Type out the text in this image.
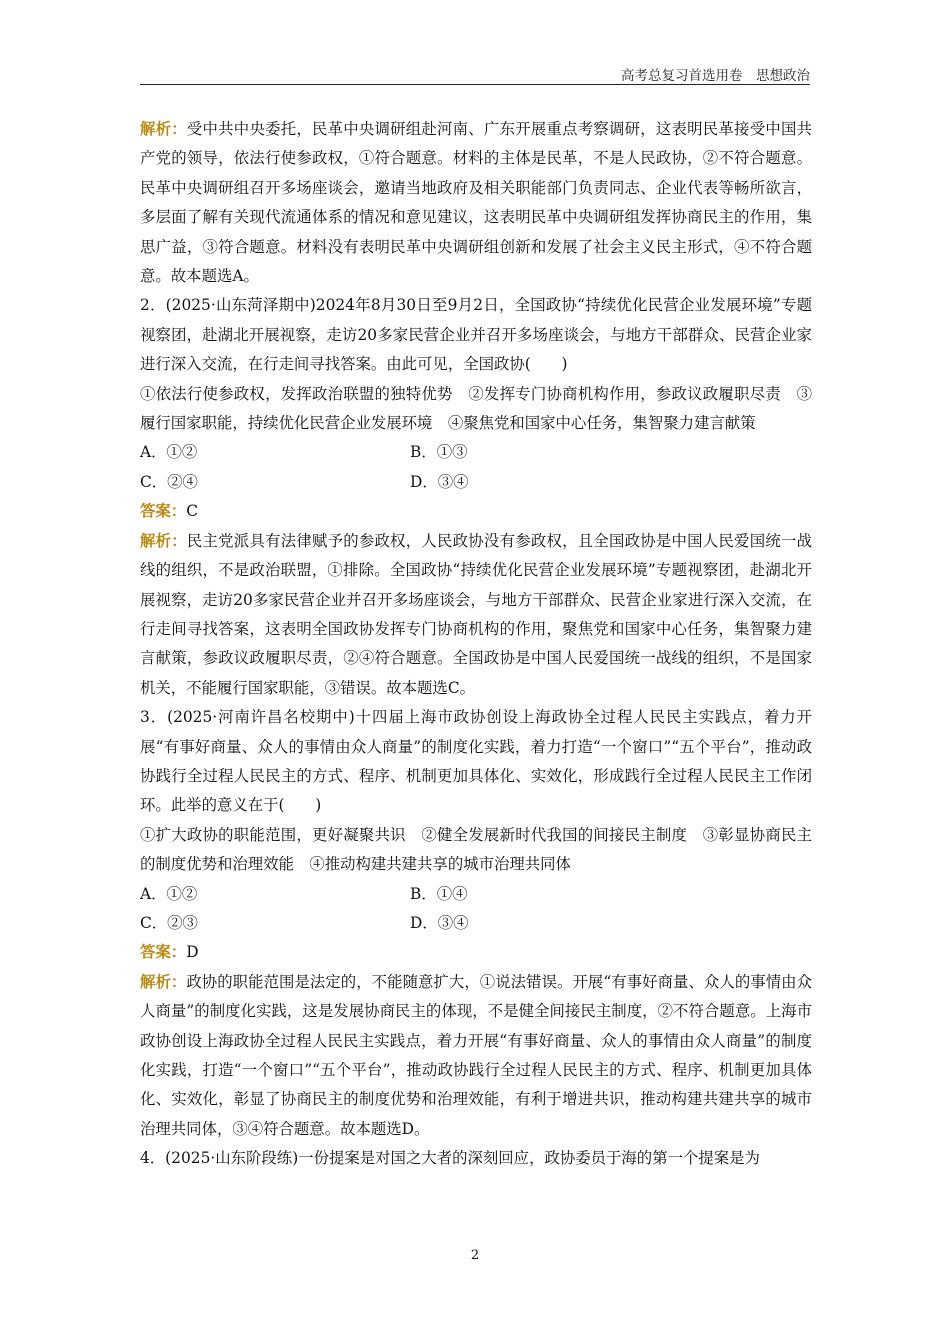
高考总复习首选用卷　思想政治

解析：受中共中央委托，民革中央调研组赴河南、广东开展重点考察调研，这表明民革接受中国共产党的领导，依法行使参政权，①符合题意。材料的主体是民革，不是人民政协，②不符合题意。民革中央调研组召开多场座谈会，邀请当地政府及相关职能部门负责同志、企业代表等畅所欲言，多层面了解有关现代流通体系的情况和意见建议，这表明民革中央调研组发挥协商民主的作用，集思广益，③符合题意。材料没有表明民革中央调研组创新和发展了社会主义民主形式，④不符合题意。故本题选A。

2．(2025·山东菏泽期中)2024年8月30日至9月2日，全国政协“持续优化民营企业发展环境”专题视察团，赴湖北开展视察，走访20多家民营企业并召开多场座谈会，与地方干部群众、民营企业家进行深入交流，在行走间寻找答案。由此可见，全国政协(　　)

①依法行使参政权，发挥政治联盟的独特优势　②发挥专门协商机构作用，参政议政履职尽责　③履行国家职能，持续优化民营企业发展环境　④聚焦党和国家中心任务，集智聚力建言献策

A．①②	B．①③
C．②④	D．③④

答案：C

解析：民主党派具有法律赋予的参政权，人民政协没有参政权，且全国政协是中国人民爱国统一战线的组织，不是政治联盟，①排除。全国政协“持续优化民营企业发展环境”专题视察团，赴湖北开展视察，走访20多家民营企业并召开多场座谈会，与地方干部群众、民营企业家进行深入交流，在行走间寻找答案，这表明全国政协发挥专门协商机构的作用，聚焦党和国家中心任务，集智聚力建言献策，参政议政履职尽责，②④符合题意。全国政协是中国人民爱国统一战线的组织，不是国家机关，不能履行国家职能，③错误。故本题选C。

3．(2025·河南许昌名校期中)十四届上海市政协创设上海政协全过程人民民主实践点，着力开展“有事好商量、众人的事情由众人商量”的制度化实践，着力打造“一个窗口”“五个平台”，推动政协践行全过程人民民主的方式、程序、机制更加具体化、实效化，形成践行全过程人民民主工作闭环。此举的意义在于(　　)

①扩大政协的职能范围，更好凝聚共识　②健全发展新时代我国的间接民主制度　③彰显协商民主的制度优势和治理效能　④推动构建共建共享的城市治理共同体

A．①②	B．①④
C．②③	D．③④

答案：D

解析：政协的职能范围是法定的，不能随意扩大，①说法错误。开展“有事好商量、众人的事情由众人商量”的制度化实践，这是发展协商民主的体现，不是健全间接民主制度，②不符合题意。上海市政协创设上海政协全过程人民民主实践点，着力开展“有事好商量、众人的事情由众人商量”的制度化实践，打造“一个窗口”“五个平台”，推动政协践行全过程人民民主的方式、程序、机制更加具体化、实效化，彰显了协商民主的制度优势和治理效能，有利于增进共识，推动构建共建共享的城市治理共同体，③④符合题意。故本题选D。

4．(2025·山东阶段练)一份提案是对国之大者的深刻回应，政协委员于海的第一个提案是为

2
